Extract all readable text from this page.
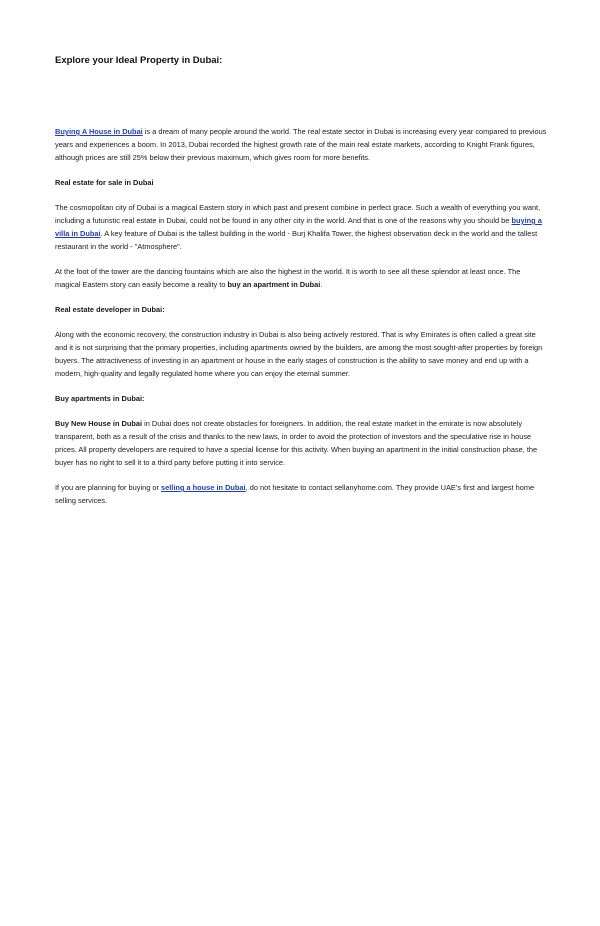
Explore your Ideal Property in Dubai:

Buying A House in Dubai is a dream of many people around the world. The real estate sector in Dubai is increasing every year compared to previous years and experiences a boom. In 2013, Dubai recorded the highest growth rate of the main real estate markets, according to Knight Frank figures, although prices are still 25% below their previous maximum, which gives room for more benefits.

Real estate for sale in Dubai

The cosmopolitan city of Dubai is a magical Eastern story in which past and present combine in perfect grace. Such a wealth of everything you want, including a futuristic real estate in Dubai, could not be found in any other city in the world. And that is one of the reasons why you should be buying a villa in Dubai. A key feature of Dubai is the tallest building in the world - Burj Khalifa Tower, the highest observation deck in the world and the tallest restaurant in the world - "Atmosphere".

At the foot of the tower are the dancing fountains which are also the highest in the world. It is worth to see all these splendor at least once. The magical Eastern story can easily become a reality to buy an apartment in Dubai.

Real estate developer in Dubai:

Along with the economic recovery, the construction industry in Dubai is also being actively restored. That is why Emirates is often called a great site and it is not surprising that the primary properties, including apartments owned by the builders, are among the most sought-after properties by foreign buyers. The attractiveness of investing in an apartment or house in the early stages of construction is the ability to save money and end up with a modern, high-quality and legally regulated home where you can enjoy the eternal summer.

Buy apartments in Dubai:

Buy New House in Dubai in Dubai does not create obstacles for foreigners. In addition, the real estate market in the emirate is now absolutely transparent, both as a result of the crisis and thanks to the new laws, in order to avoid the protection of investors and the speculative rise in house prices. All property developers are required to have a special license for this activity. When buying an apartment in the initial construction phase, the buyer has no right to sell it to a third party before putting it into service.

If you are planning for buying or selling a house in Dubai, do not hesitate to contact sellanyhome.com. They provide UAE’s first and largest home selling services.
